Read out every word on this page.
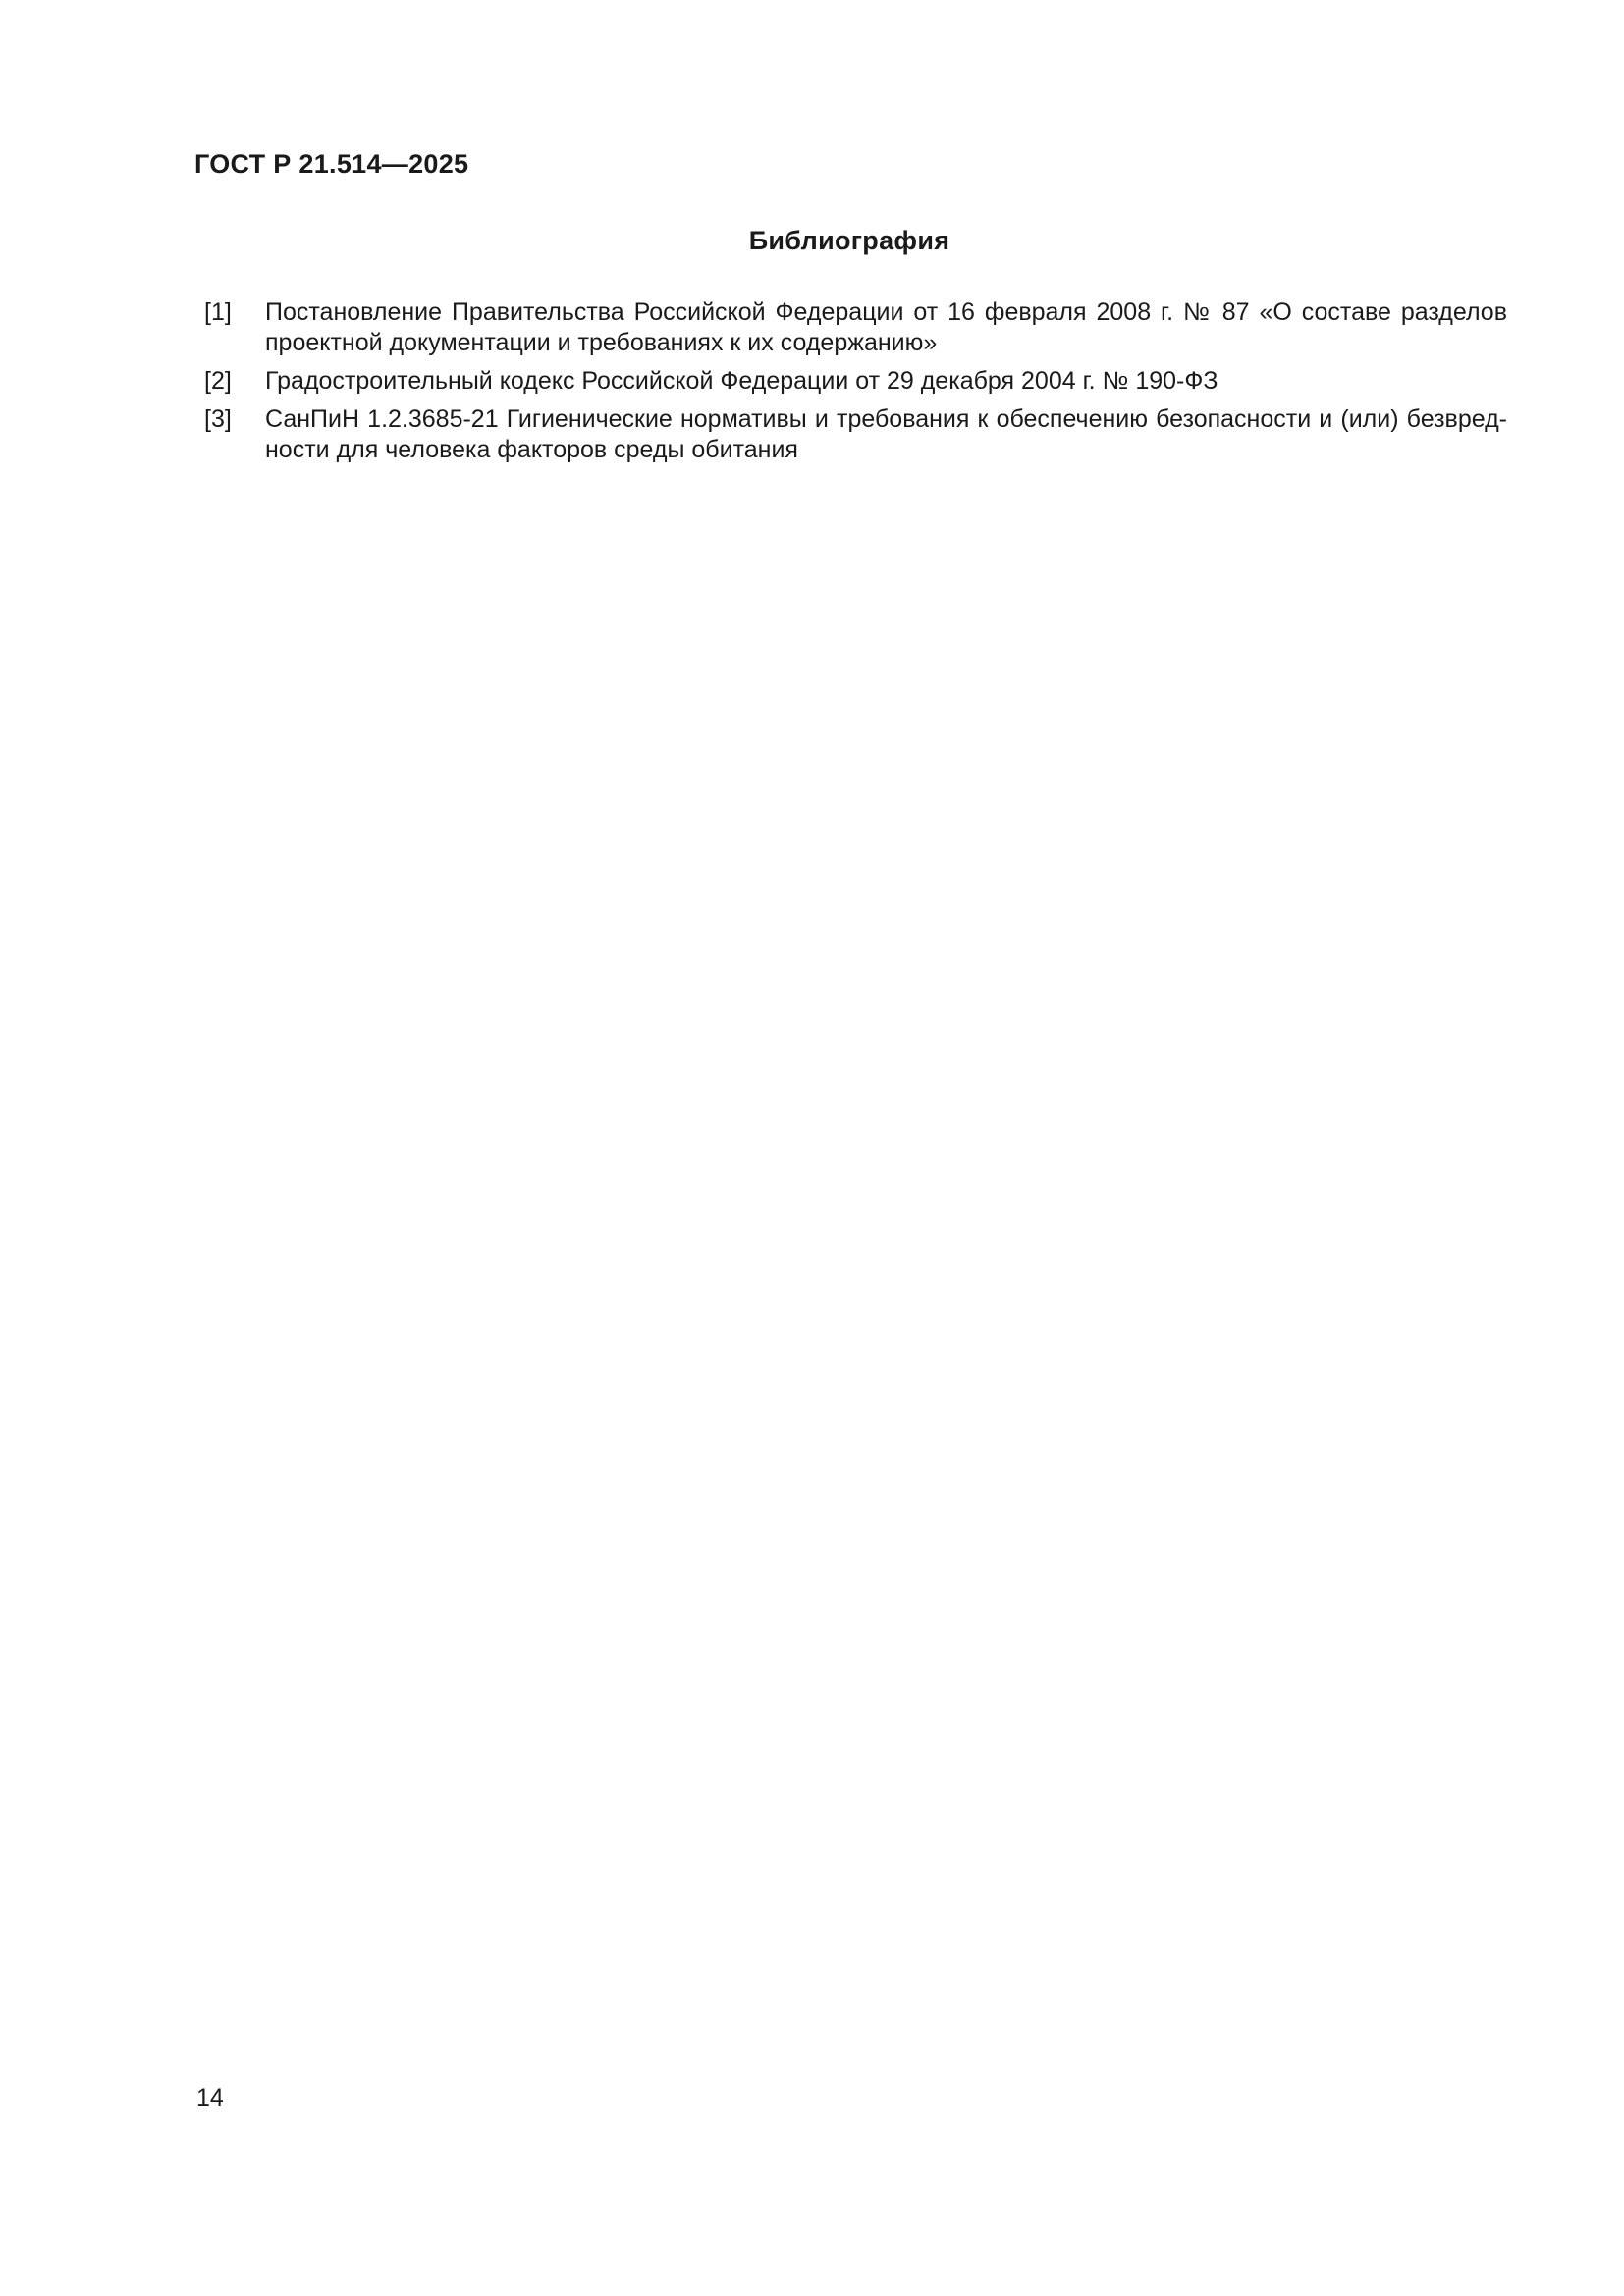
ГОСТ Р 21.514—2025
Библиография
[1]	Постановление Правительства Российской Федерации от 16 февраля 2008 г. № 87 «О составе разделов проектной документации и требованиях к их содержанию»
[2]	Градостроительный кодекс Российской Федерации от 29 декабря 2004 г. № 190-ФЗ
[3]	СанПиН 1.2.3685-21 Гигиенические нормативы и требования к обеспечению безопасности и (или) безвредности для человека факторов среды обитания
14
